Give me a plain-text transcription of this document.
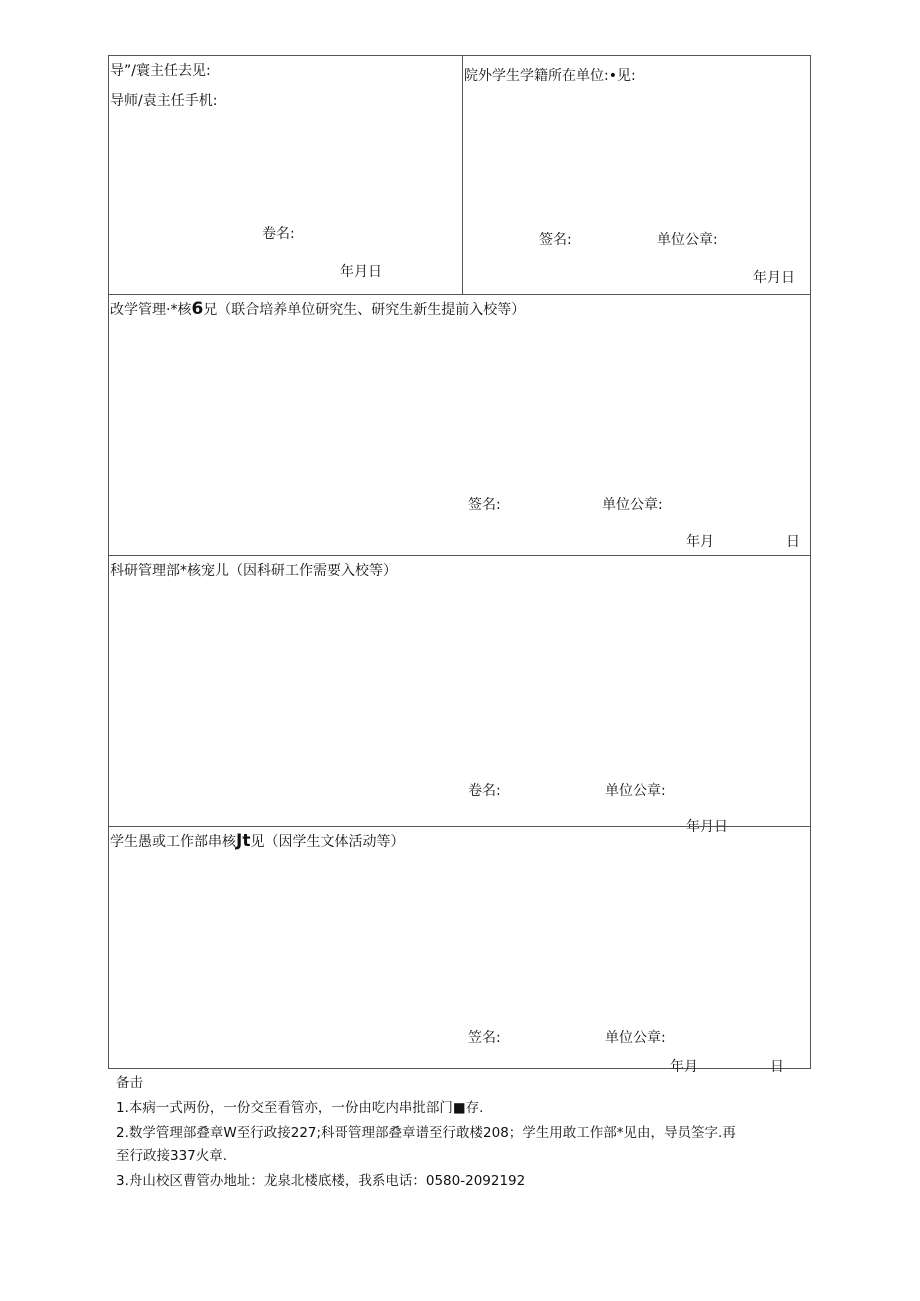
导”/寰主任去见:
导师/袁主任手机:
卷名:
年月日
院外学生学籍所在单位:•见:
签名:	单位公章:
年月日
改学管理·*核6兄（联合培养单位研究生、研究生新生提前入校等）
签名:	单位公章:
年月	日
科研管理部*核宠儿（因科研工作需要入校等）
卷名:	单位公章:
年月日
学生愚或工作部串核Jt见（因学生文体活动等）
笠名:	单位公章:
年月	日
备击
1.本病一式两份，一份交至看管亦，一份由吃内串批部门■存.
2.数学管理部叠章W至行政接227;科哥管理部叠章谱至行敢楼208；学生用敢工作部*见由，导员筌字.再
至行政接337火章.
3.舟山校区曹管办地址：龙泉北楼底楼，我系电话：0580-2092192
